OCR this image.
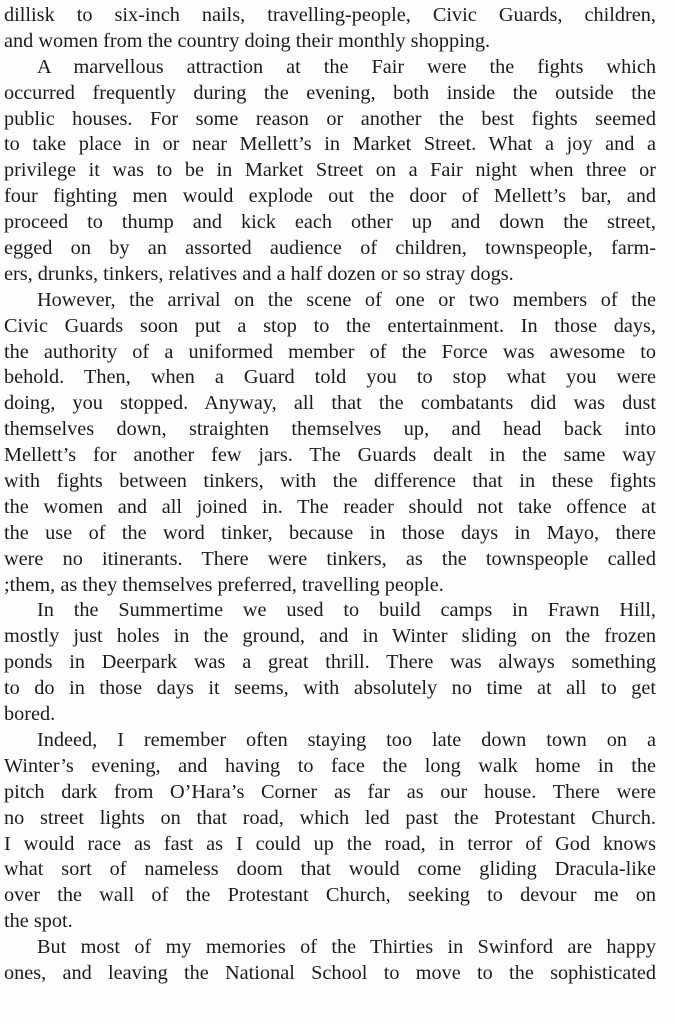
dillisk to six-inch nails, travelling-people, Civic Guards, children,
and women from the country doing their monthly shopping.
A marvellous attraction at the Fair were the fights which
occurred frequently during the evening, both inside the outside the
public houses. For some reason or another the best fights seemed
to take place in or near Mellett’s in Market Street. What a joy and a
privilege it was to be in Market Street on a Fair night when three or
four fighting men would explode out the door of Mellett’s bar, and
proceed to thump and kick each other up and down the street,
egged on by an assorted audience of children, townspeople, farm-
ers, drunks, tinkers, relatives and a half dozen or so stray dogs.
However, the arrival on the scene of one or two members of the
Civic Guards soon put a stop to the entertainment. In those days,
the authority of a uniformed member of the Force was awesome to
behold. Then, when a Guard told you to stop what you were
doing, you stopped. Anyway, all that the combatants did was dust
themselves down, straighten themselves up, and head back into
Mellett’s for another few jars. The Guards dealt in the same way
with fights between tinkers, with the difference that in these fights
the women and all joined in. The reader should not take offence at
the use of the word tinker, because in those days in Mayo, there
were no itinerants. There were tinkers, as the townspeople called
;them, as they themselves preferred, travelling people.
In the Summertime we used to build camps in Frawn Hill,
mostly just holes in the ground, and in Winter sliding on the frozen
ponds in Deerpark was a great thrill. There was always something
to do in those days it seems, with absolutely no time at all to get
bored.
Indeed, I remember often staying too late down town on a
Winter’s evening, and having to face the long walk home in the
pitch dark from O’Hara’s Corner as far as our house. There were
no street lights on that road, which led past the Protestant Church.
I would race as fast as I could up the road, in terror of God knows
what sort of nameless doom that would come gliding Dracula-like
over the wall of the Protestant Church, seeking to devour me on
the spot.
But most of my memories of the Thirties in Swinford are happy
ones, and leaving the National School to move to the sophisticated
